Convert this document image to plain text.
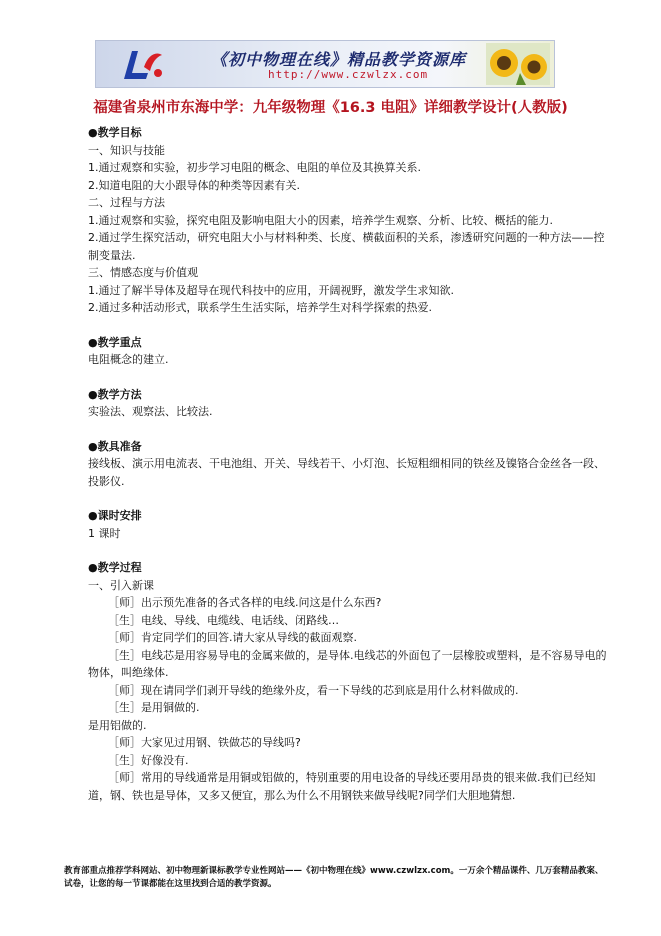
《初中物理在线》精品教学资源库
http://www.czwlzx.com
福建省泉州市东海中学：九年级物理《16.3 电阻》详细教学设计(人教版)

●教学目标

一、知识与技能

1.通过观察和实验，初步学习电阻的概念、电阻的单位及其换算关系.

2.知道电阻的大小跟导体的种类等因素有关.

二、过程与方法

1.通过观察和实验，探究电阻及影响电阻大小的因素，培养学生观察、分析、比较、概括的能力.

2.通过学生探究活动，研究电阻大小与材料种类、长度、横截面积的关系，渗透研究问题的一种方法——控制变量法.

三、情感态度与价值观

1.通过了解半导体及超导在现代科技中的应用，开阔视野，激发学生求知欲.

2.通过多种活动形式，联系学生生活实际，培养学生对科学探索的热爱.

●教学重点

电阻概念的建立.

●教学方法

实验法、观察法、比较法.

●教具准备

接线板、演示用电流表、干电池组、开关、导线若干、小灯泡、长短粗细相同的铁丝及镍铬合金丝各一段、投影仪.

●课时安排

1 课时

●教学过程

一、引入新课

［师］出示预先准备的各式各样的电线.问这是什么东西?

［生］电线、导线、电缆线、电话线、闭路线…

［师］肯定同学们的回答.请大家从导线的截面观察.

［生］电线芯是用容易导电的金属来做的，是导体.电线芯的外面包了一层橡胶或塑料，是不容易导电的物体，叫绝缘体.

［师］现在请同学们剥开导线的绝缘外皮，看一下导线的芯到底是用什么材料做成的.

［生］是用铜做的.

是用铝做的.

［师］大家见过用钢、铁做芯的导线吗?

［生］好像没有.

［师］常用的导线通常是用铜或铝做的，特别重要的用电设备的导线还要用昂贵的银来做.我们已经知道，钢、铁也是导体，又多又便宜，那么为什么不用钢铁来做导线呢?同学们大胆地猜想.

教育部重点推荐学科网站、初中物理新课标教学专业性网站——《初中物理在线》www.czwlzx.com。一万余个精品课件、几万套精品教案、试卷，让您的每一节课都能在这里找到合适的教学资源。
